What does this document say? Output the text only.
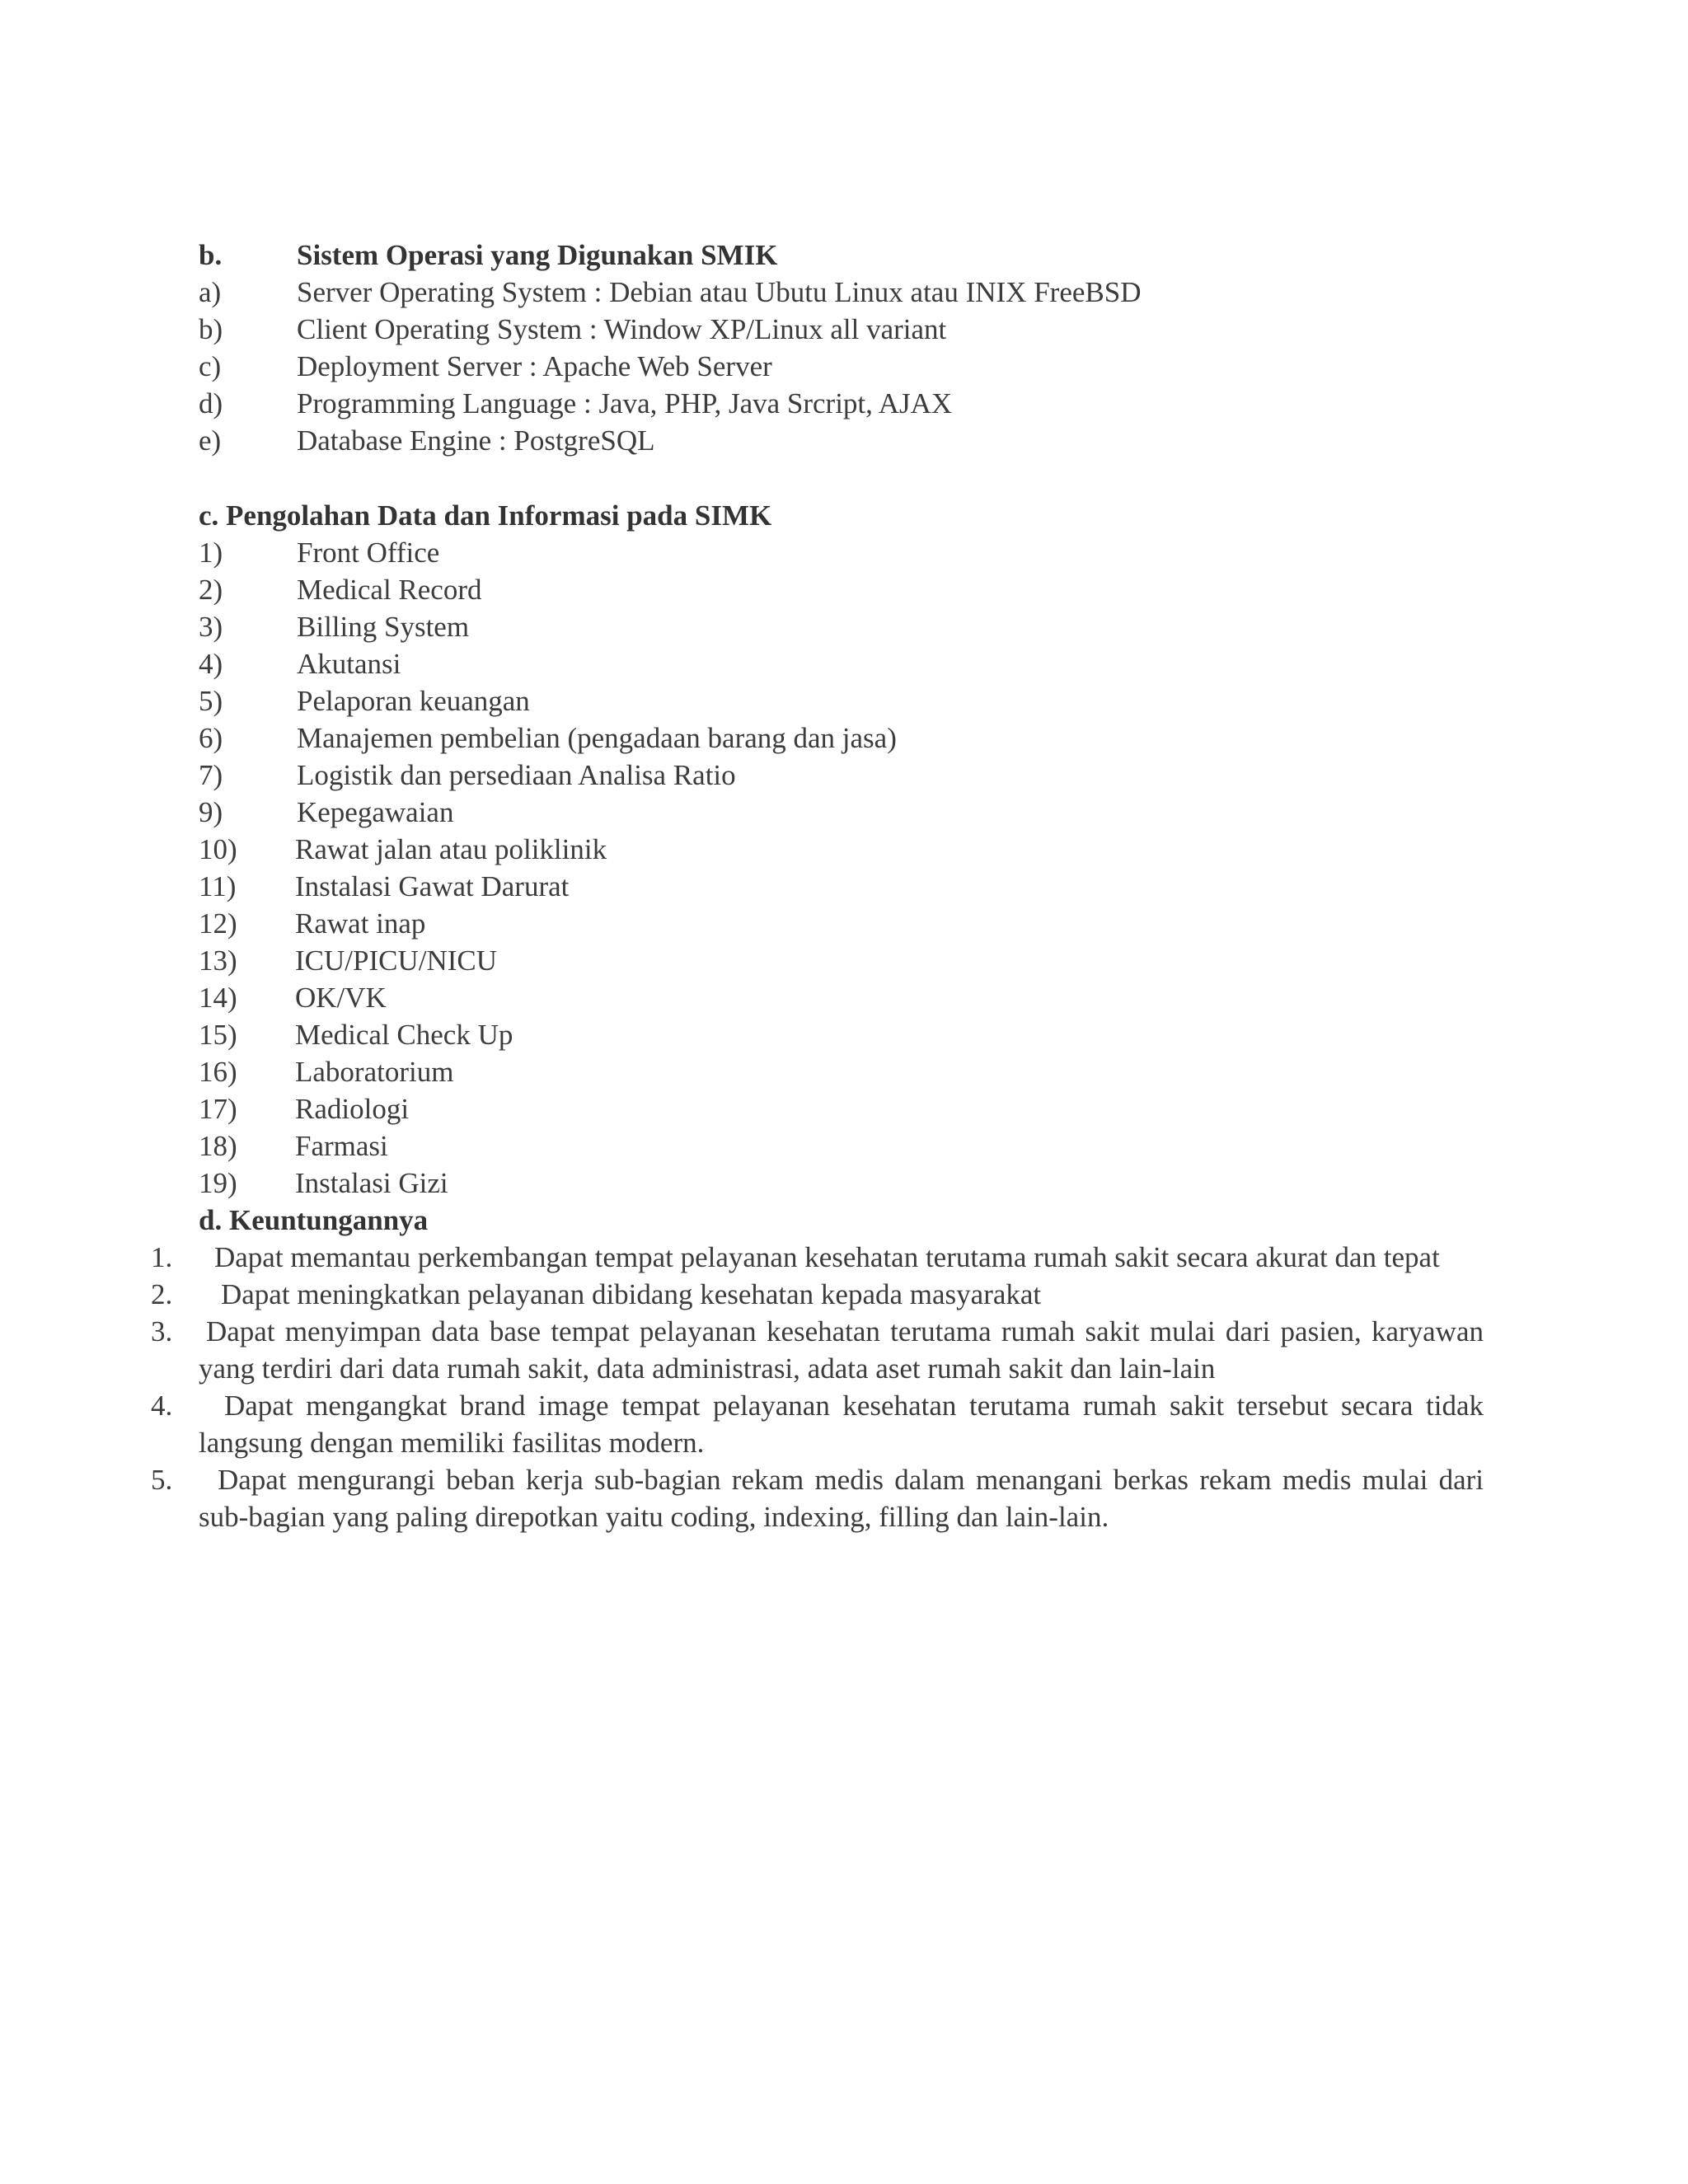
b.	Sistem Operasi yang Digunakan SMIK
a)	Server Operating System : Debian atau Ubutu Linux atau INIX FreeBSD
b)	Client Operating System : Window XP/Linux all variant
c)	Deployment Server : Apache Web Server
d)	Programming Language : Java, PHP, Java Srcript, AJAX
e)	Database Engine : PostgreSQL
c. Pengolahan Data dan Informasi pada SIMK
1)	Front Office
2)	Medical Record
3)	Billing System
4)	Akutansi
5)	Pelaporan keuangan
6)	Manajemen pembelian (pengadaan barang dan jasa)
7)	Logistik dan persediaan Analisa Ratio
9)	Kepegawaian
10) Rawat jalan atau poliklinik
11) Instalasi Gawat Darurat
12) Rawat inap
13) ICU/PICU/NICU
14) OK/VK
15) Medical Check Up
16) Laboratorium
17) Radiologi
18) Farmasi
19) Instalasi Gizi
d. Keuntungannya
1. Dapat memantau perkembangan tempat pelayanan kesehatan terutama rumah sakit secara akurat dan tepat
2. Dapat meningkatkan pelayanan dibidang kesehatan kepada masyarakat
3. Dapat menyimpan data base tempat pelayanan kesehatan terutama rumah sakit mulai dari pasien, karyawan
yang terdiri dari data rumah sakit, data administrasi, adata aset rumah sakit dan lain-lain
4. Dapat mengangkat brand image tempat pelayanan kesehatan terutama rumah sakit tersebut secara tidak
langsung dengan memiliki fasilitas modern.
5. Dapat mengurangi beban kerja sub-bagian rekam medis dalam menangani berkas rekam medis mulai dari
sub-bagian yang paling direpotkan yaitu coding, indexing, filling dan lain-lain.
